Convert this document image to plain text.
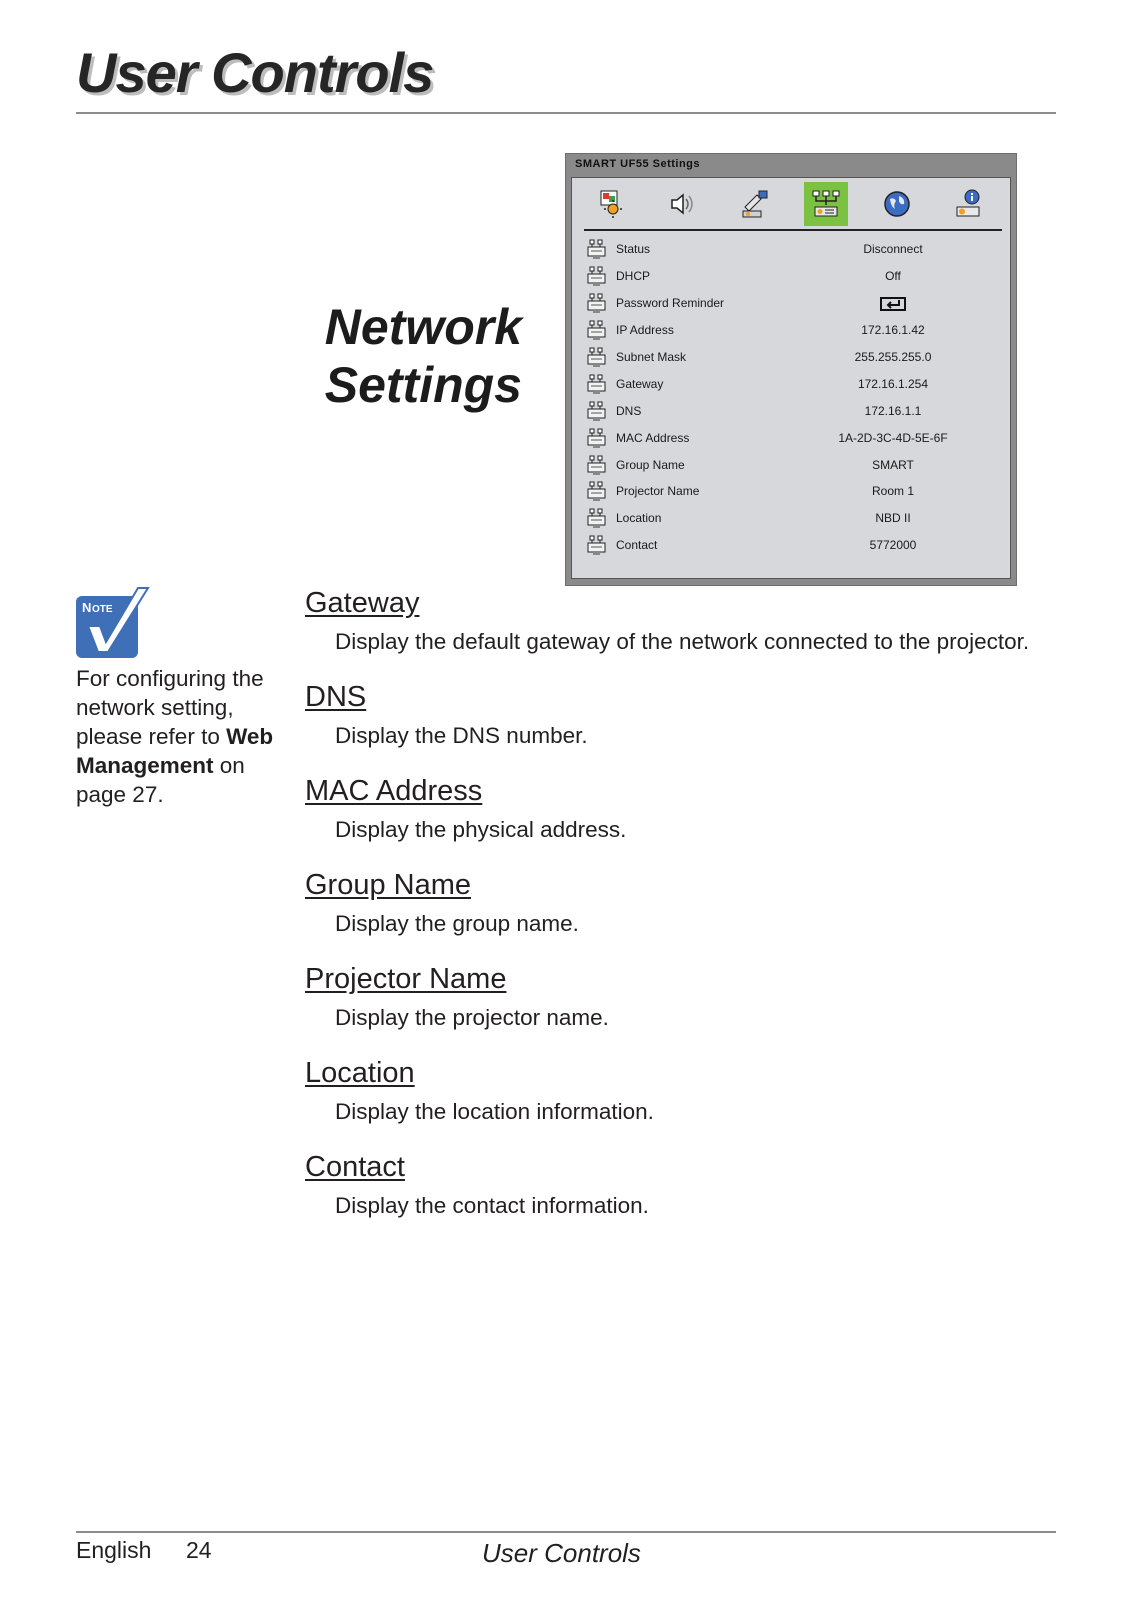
User Controls
Network
Settings
SMART UF55 Settings
Status	Disconnect
DHCP	Off
Password Reminder
IP Address	172.16.1.42
Subnet Mask	255.255.255.0
Gateway	172.16.1.254
DNS	172.16.1.1
MAC Address	1A-2D-3C-4D-5E-6F
Group Name	SMART
Projector Name	Room 1
Location	NBD II
Contact	5772000
N OTE
For configuring the network setting, please refer to Web Management on page 27.
Gateway

Display the default gateway of the network connected to the projector.

DNS

Display the DNS number.

MAC Address

Display the physical address.

Group Name

Display the group name.

Projector Name

Display the projector name.

Location

Display the location information.

Contact

Display the contact information.

English 24	User Controls
